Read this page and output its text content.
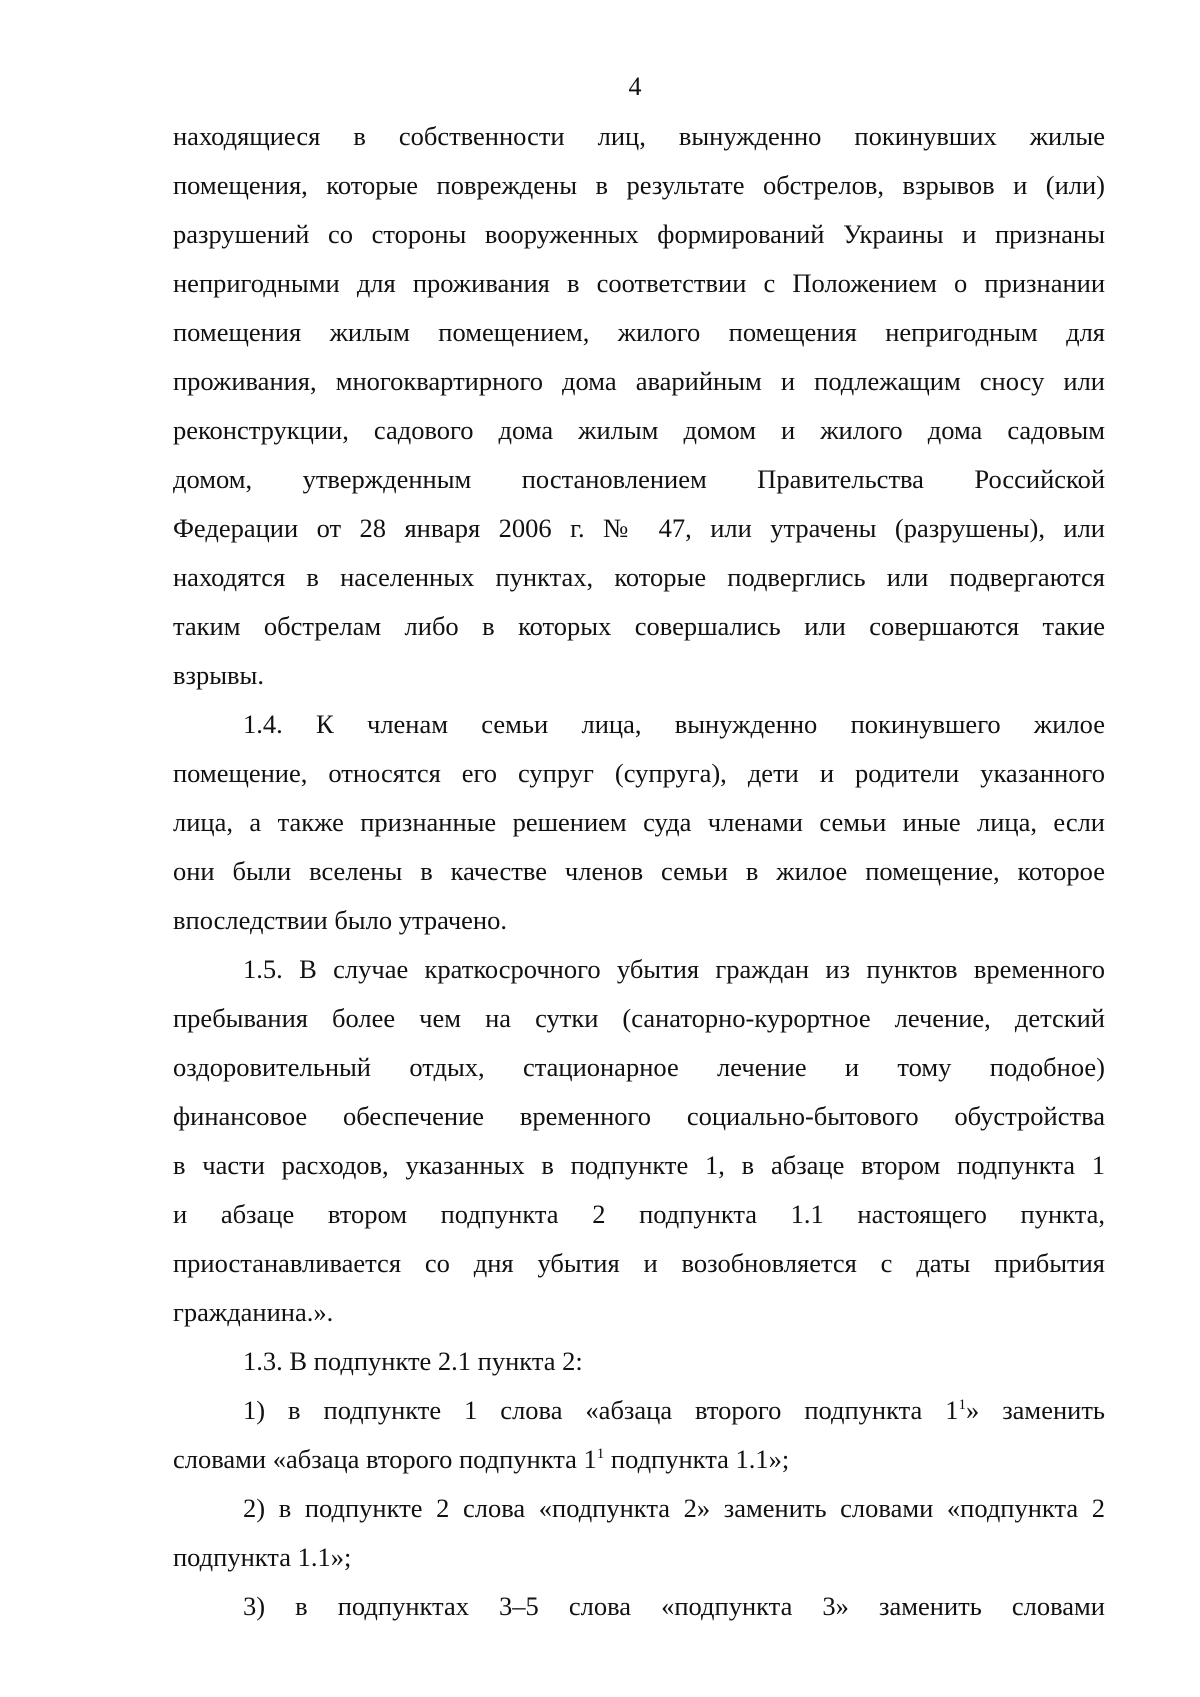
4
находящиеся в собственности лиц, вынужденно покинувших жилые
помещения, которые повреждены в результате обстрелов, взрывов и (или)
разрушений со стороны вооруженных формирований Украины и признаны
непригодными для проживания в соответствии с Положением о признании
помещения жилым помещением, жилого помещения непригодным для
проживания, многоквартирного дома аварийным и подлежащим сносу или
реконструкции, садового дома жилым домом и жилого дома садовым
домом, утвержденным постановлением Правительства Российской
Федерации от 28 января 2006 г. № 47, или утрачены (разрушены), или
находятся в населенных пунктах, которые подверглись или подвергаются
таким обстрелам либо в которых совершались или совершаются такие
взрывы.
1.4. К членам семьи лица, вынужденно покинувшего жилое
помещение, относятся его супруг (супруга), дети и родители указанного
лица, а также признанные решением суда членами семьи иные лица, если
они были вселены в качестве членов семьи в жилое помещение, которое
впоследствии было утрачено.
1.5. В случае краткосрочного убытия граждан из пунктов временного
пребывания более чем на сутки (санаторно-курортное лечение, детский
оздоровительный отдых, стационарное лечение и тому подобное)
финансовое обеспечение временного социально-бытового обустройства
в части расходов, указанных в подпункте 1, в абзаце втором подпункта 1
и абзаце втором подпункта 2 подпункта 1.1 настоящего пункта,
приостанавливается со дня убытия и возобновляется с даты прибытия
гражданина.».
1.3. В подпункте 2.1 пункта 2:
1) в подпункте 1 слова «абзаца второго подпункта $1^1$» заменить
словами «абзаца второго подпункта $1^1$ подпункта 1.1»;
2) в подпункте 2 слова «подпункта 2» заменить словами «подпункта 2
подпункта 1.1»;
3) в подпунктах 3–5 слова «подпункта 3» заменить словами
